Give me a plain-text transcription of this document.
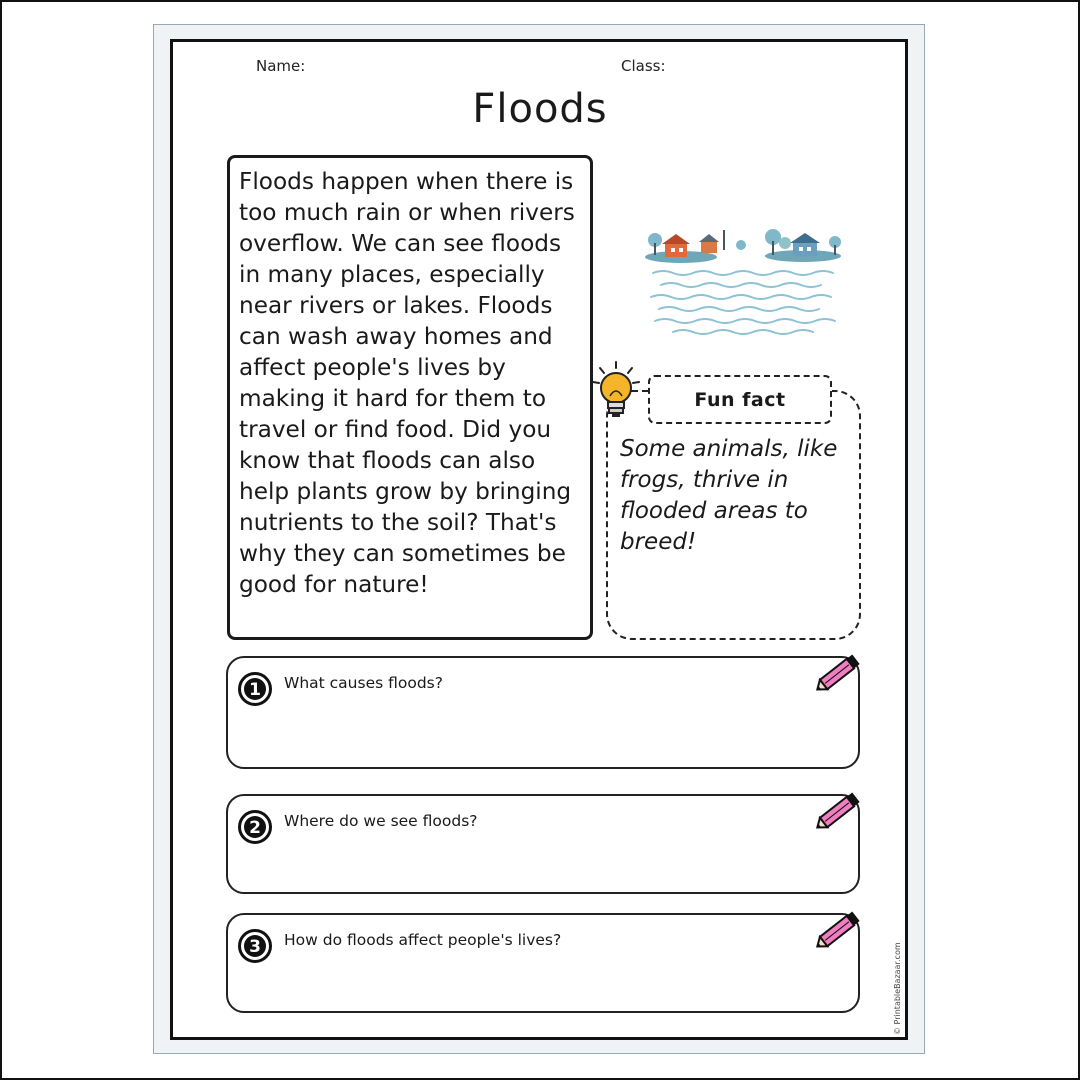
Name:	Class:
Floods

Floods happen when there is too much rain or when rivers overflow. We can see floods in many places, especially near rivers or lakes. Floods can wash away homes and affect people's lives by making it hard for them to travel or find food. Did you know that floods can also help plants grow by bringing nutrients to the soil? That's why they can sometimes be good for nature!

Some animals, like frogs, thrive in flooded areas to breed!

Fun fact
1 What causes floods?
2 Where do we see floods?
3 How do floods affect people's lives?
© PrintableBazaar.com
